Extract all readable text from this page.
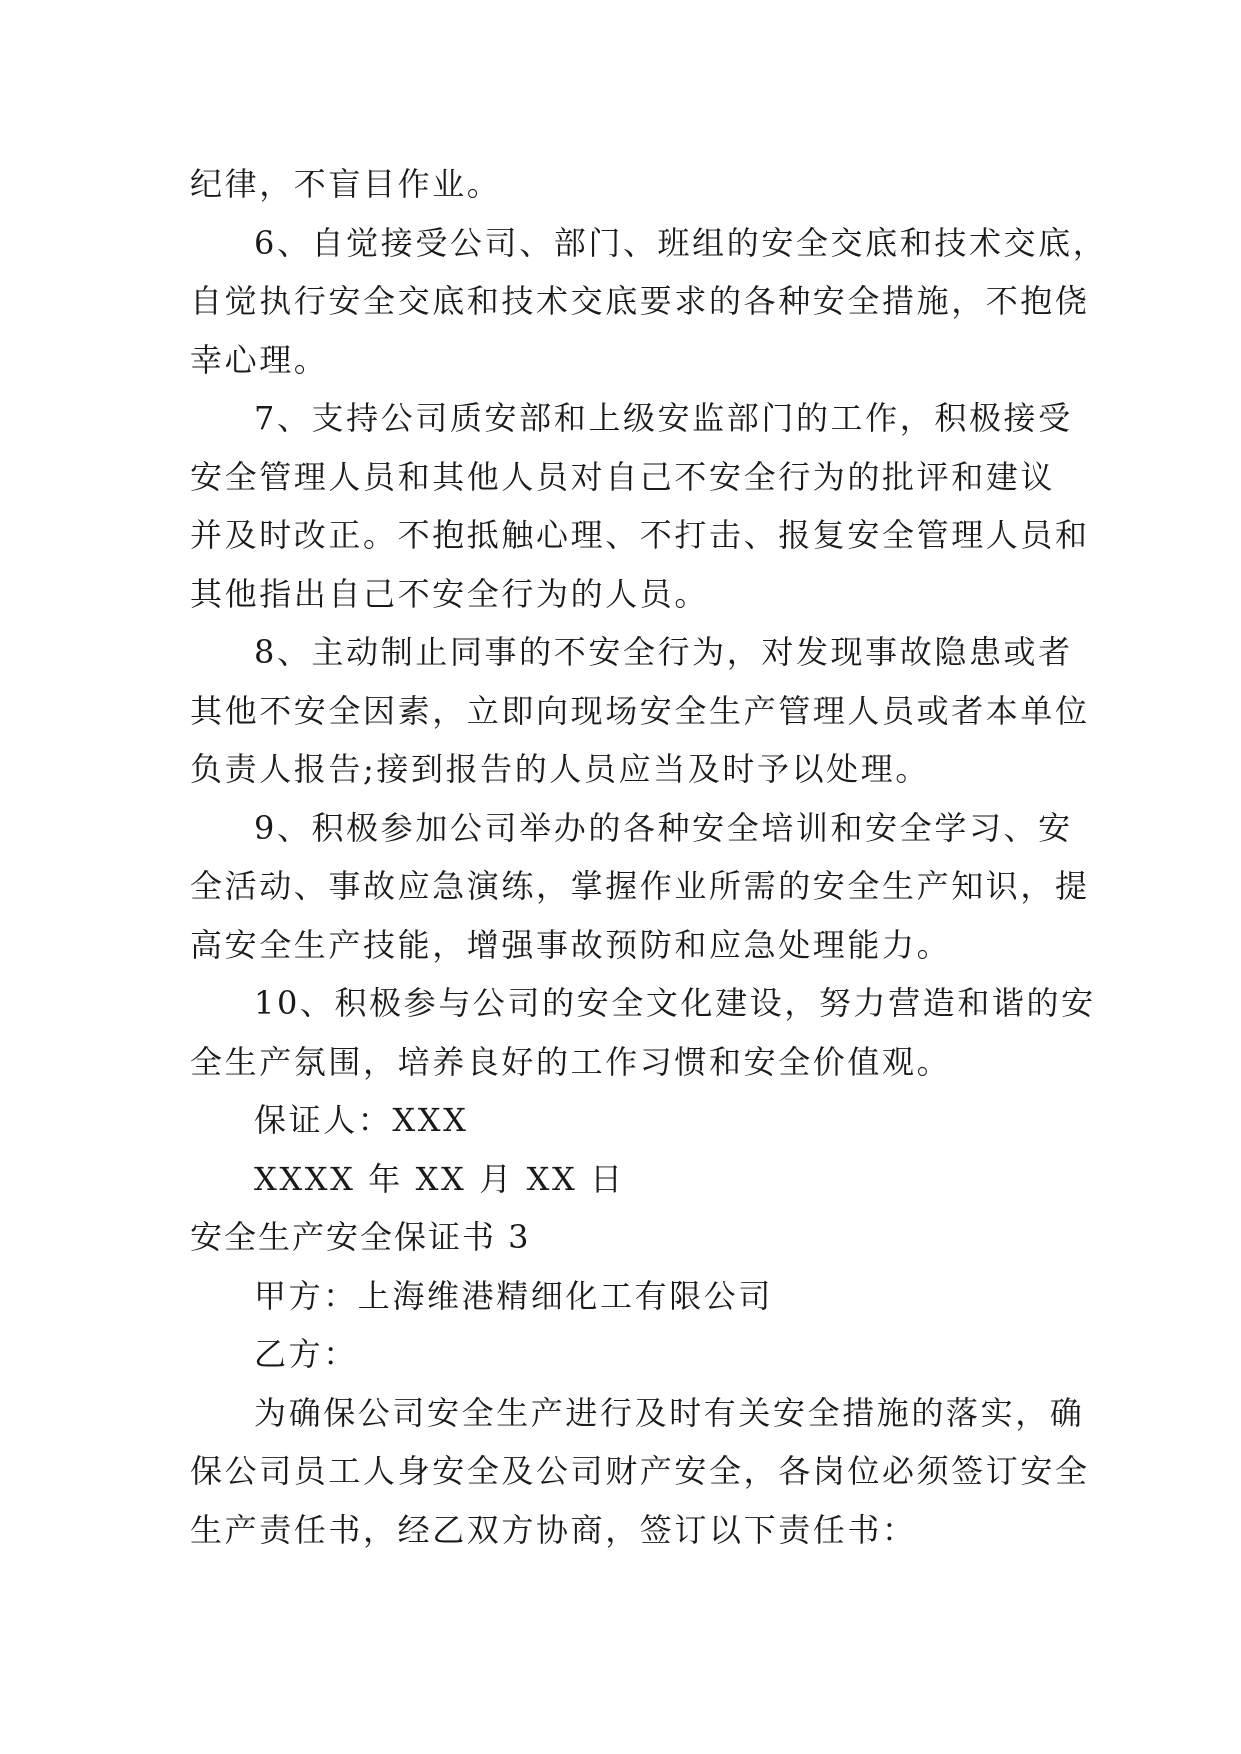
纪律，不盲目作业。
6、自觉接受公司、部门、班组的安全交底和技术交底，
自觉执行安全交底和技术交底要求的各种安全措施，不抱侥
幸心理。
7、支持公司质安部和上级安监部门的工作，积极接受
安全管理人员和其他人员对自己不安全行为的批评和建议
并及时改正。不抱抵触心理、不打击、报复安全管理人员和
其他指出自己不安全行为的人员。
8、主动制止同事的不安全行为，对发现事故隐患或者
其他不安全因素，立即向现场安全生产管理人员或者本单位
负责人报告;接到报告的人员应当及时予以处理。
9、积极参加公司举办的各种安全培训和安全学习、安
全活动、事故应急演练，掌握作业所需的安全生产知识，提
高安全生产技能，增强事故预防和应急处理能力。
10、积极参与公司的安全文化建设，努力营造和谐的安
全生产氛围，培养良好的工作习惯和安全价值观。
保证人：XXX
XXXX 年 XX 月 XX 日
安全生产安全保证书 3
甲方：上海维港精细化工有限公司
乙方：
为确保公司安全生产进行及时有关安全措施的落实，确
保公司员工人身安全及公司财产安全，各岗位必须签订安全
生产责任书，经乙双方协商，签订以下责任书：
